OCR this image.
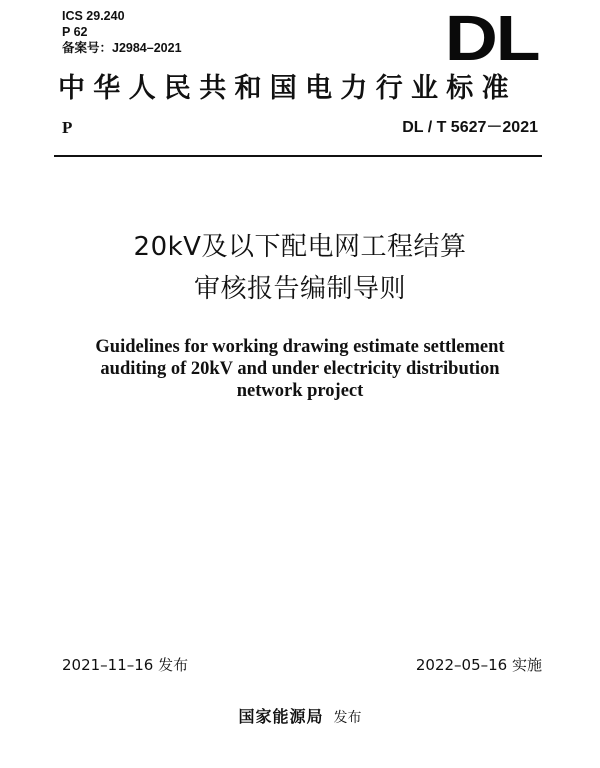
ICS 29.240
P 62
备案号：J2984–2021	DL
中华人民共和国电力行业标准
P	DL / T 5627－2021
20kV及以下配电网工程结算
审核报告编制导则
Guidelines for working drawing estimate settlement
auditing of 20kV and under electricity distribution
network project
2021–11–16 发布	2022–05–16 实施
国家能源局 发布
